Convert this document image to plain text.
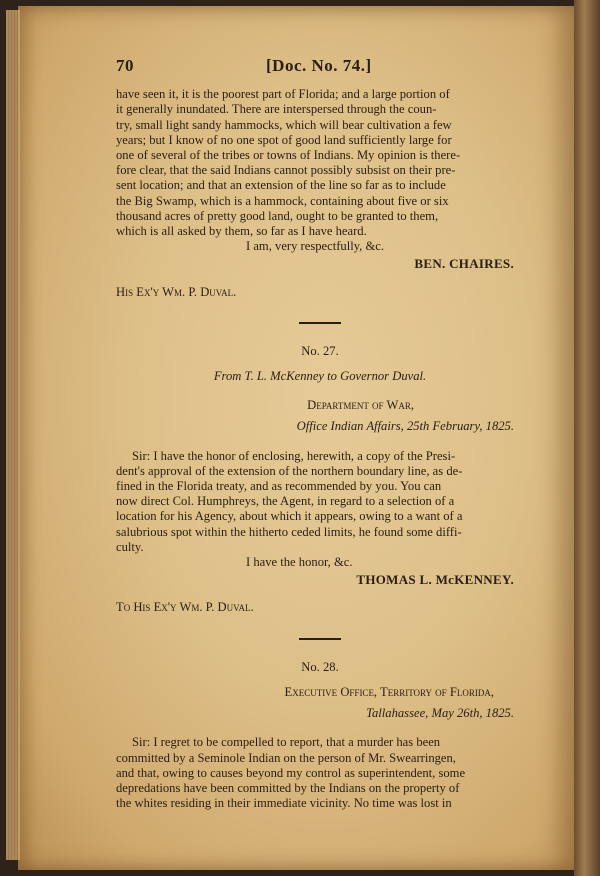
70	[Doc. No. 74.]

have seen it, it is the poorest part of Florida; and a large portion of

it generally inundated. There are interspersed through the coun-

try, small light sandy hammocks, which will bear cultivation a few

years; but I know of no one spot of good land sufficiently large for

one of several of the tribes or towns of Indians. My opinion is there-

fore clear, that the said Indians cannot possibly subsist on their pre-

sent location; and that an extension of the line so far as to include

the Big Swamp, which is a hammock, containing about five or six

thousand acres of pretty good land, ought to be granted to them,

which is all asked by them, so far as I have heard.

I am, very respectfully, &c.

BEN. CHAIRES.

His Ex'y Wm. P. Duval.

No. 27.

From T. L. McKenney to Governor Duval.

Department of War,

Office Indian Affairs, 25th February, 1825.

Sir: I have the honor of enclosing, herewith, a copy of the Presi-

dent's approval of the extension of the northern boundary line, as de-

fined in the Florida treaty, and as recommended by you. You can

now direct Col. Humphreys, the Agent, in regard to a selection of a

location for his Agency, about which it appears, owing to a want of a

salubrious spot within the hitherto ceded limits, he found some diffi-

culty.

I have the honor, &c.

THOMAS L. McKENNEY.

To His Ex'y Wm. P. Duval.

No. 28.

Executive Office, Territory of Florida,

Tallahassee, May 26th, 1825.

Sir: I regret to be compelled to report, that a murder has been

committed by a Seminole Indian on the person of Mr. Swearringen,

and that, owing to causes beyond my control as superintendent, some

depredations have been committed by the Indians on the property of

the whites residing in their immediate vicinity. No time was lost in
